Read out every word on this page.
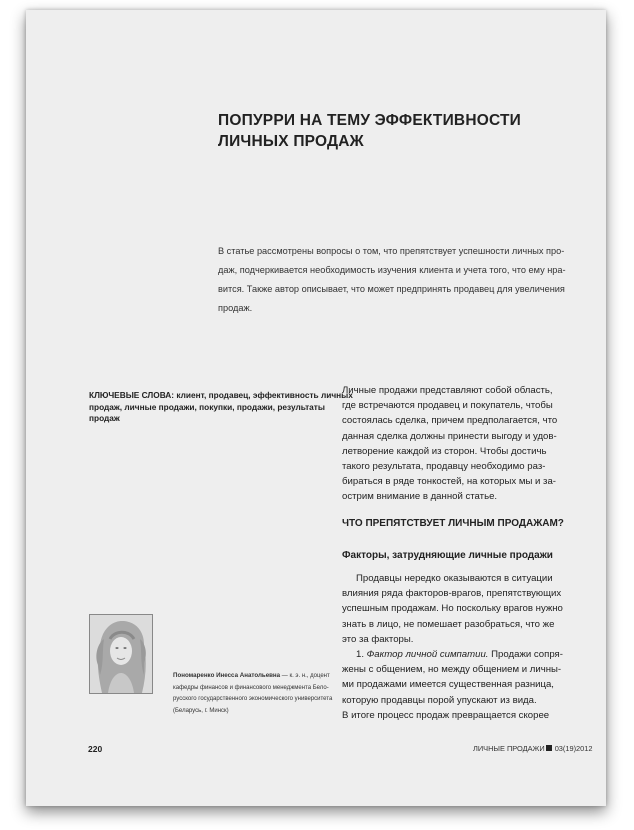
ПОПУРРИ НА ТЕМУ ЭФФЕКТИВНОСТИ
ЛИЧНЫХ ПРОДАЖ
В статье рассмотрены вопросы о том, что препятствует успешности личных про-
даж, подчеркивается необходимость изучения клиента и учета того, что ему нра-
вится. Также автор описывает, что может предпринять продавец для увеличения
продаж.
КЛЮЧЕВЫЕ СЛОВА: клиент, продавец, эффективность личных
продаж, личные продажи, покупки, продажи, результаты
продаж
Личные продажи представляют собой область,
где встречаются продавец и покупатель, чтобы
состоялась сделка, причем предполагается, что
данная сделка должны принести выгоду и удов-
летворение каждой из сторон. Чтобы достичь
такого результата, продавцу необходимо раз-
бираться в ряде тонкостей, на которых мы и за-
острим внимание в данной статье.
ЧТО ПРЕПЯТСТВУЕТ ЛИЧНЫМ ПРОДАЖАМ?
Факторы, затрудняющие личные продажи
Продавцы нередко оказываются в ситуации
влияния ряда факторов-врагов, препятствующих
успешным продажам. Но поскольку врагов нужно
знать в лицо, не помешает разобраться, что же
это за факторы.
1. Фактор личной симпатии. Продажи сопря-
жены с общением, но между общением и личны-
ми продажами имеется существенная разница,
которую продавцы порой упускают из вида.
В итоге процесс продаж превращается скорее
Пономаренко Инесса Анатольевна — к. э. н., доцент
кафедры финансов и финансового менеджмента Бело-
русского государственного экономического университета
(Беларусь, г. Минск)
220	ЛИЧНЫЕ ПРОДАЖИ 03(19)2012
